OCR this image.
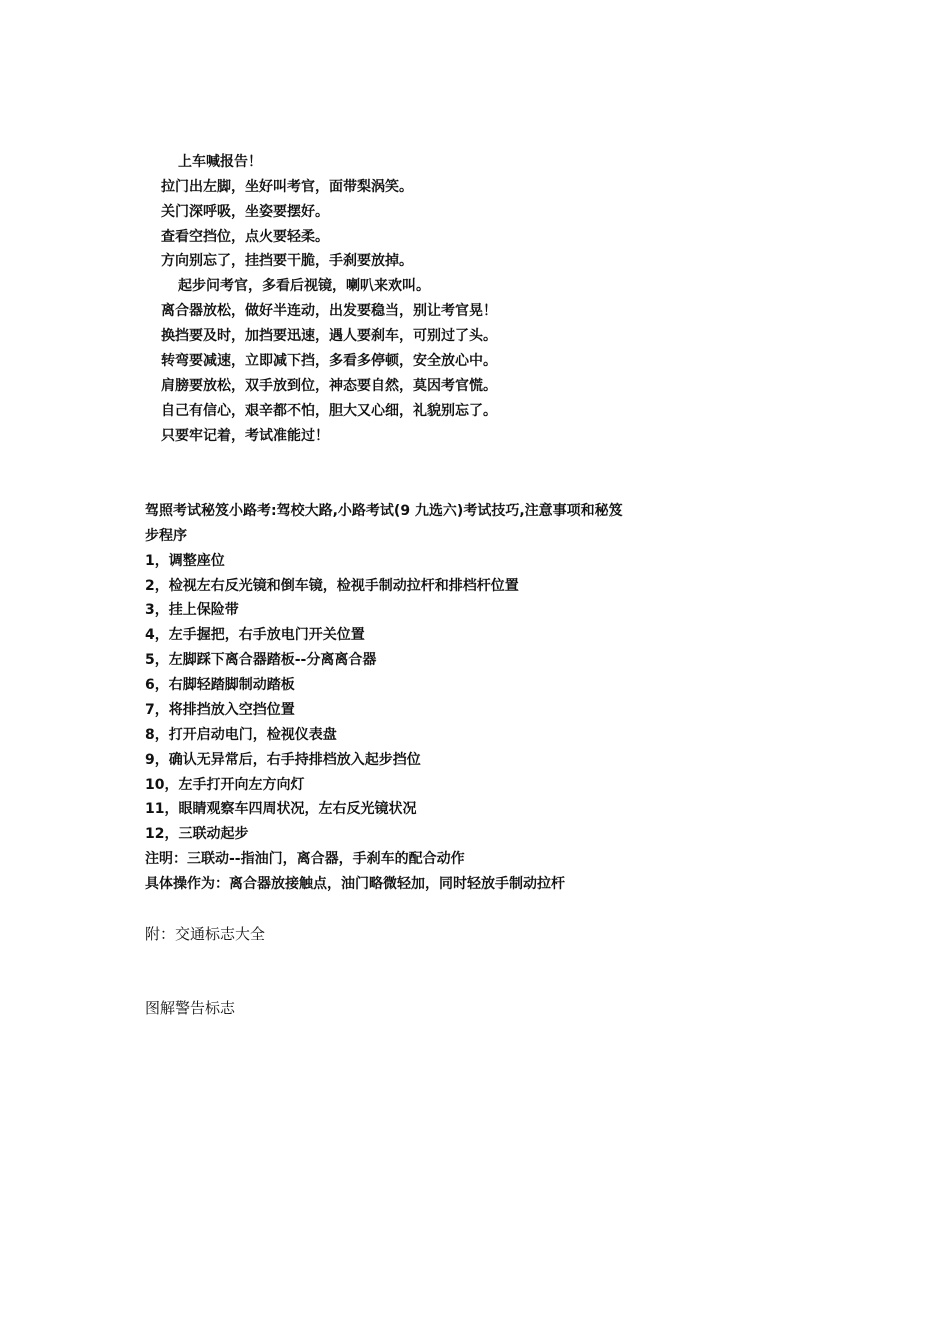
上车喊报告！
拉门出左脚，坐好叫考官，面带梨涡笑。
关门深呼吸，坐姿要摆好。
查看空挡位，点火要轻柔。
方向别忘了，挂挡要干脆，手刹要放掉。
起步问考官，多看后视镜，喇叭来欢叫。
离合器放松，做好半连动，出发要稳当，别让考官晃！
换挡要及时，加挡要迅速，遇人要刹车，可别过了头。
转弯要减速，立即减下挡，多看多停顿，安全放心中。
肩膀要放松，双手放到位，神态要自然，莫因考官慌。
自己有信心，艰辛都不怕，胆大又心细，礼貌别忘了。
只要牢记着，考试准能过！
驾照考试秘笈小路考:驾校大路,小路考试(9 九选六)考试技巧,注意事项和秘笈
步程序
1，调整座位
2，检视左右反光镜和倒车镜，检视手制动拉杆和排档杆位置
3，挂上保险带
4，左手握把，右手放电门开关位置
5，左脚踩下离合器踏板--分离离合器
6，右脚轻踏脚制动踏板
7，将排挡放入空挡位置
8，打开启动电门，检视仪表盘
9，确认无异常后，右手持排档放入起步挡位
10，左手打开向左方向灯
11，眼睛观察车四周状况，左右反光镜状况
12，三联动起步
注明：三联动--指油门，离合器，手刹车的配合动作
具体操作为：离合器放接触点，油门略微轻加，同时轻放手制动拉杆
附：交通标志大全
图解警告标志
